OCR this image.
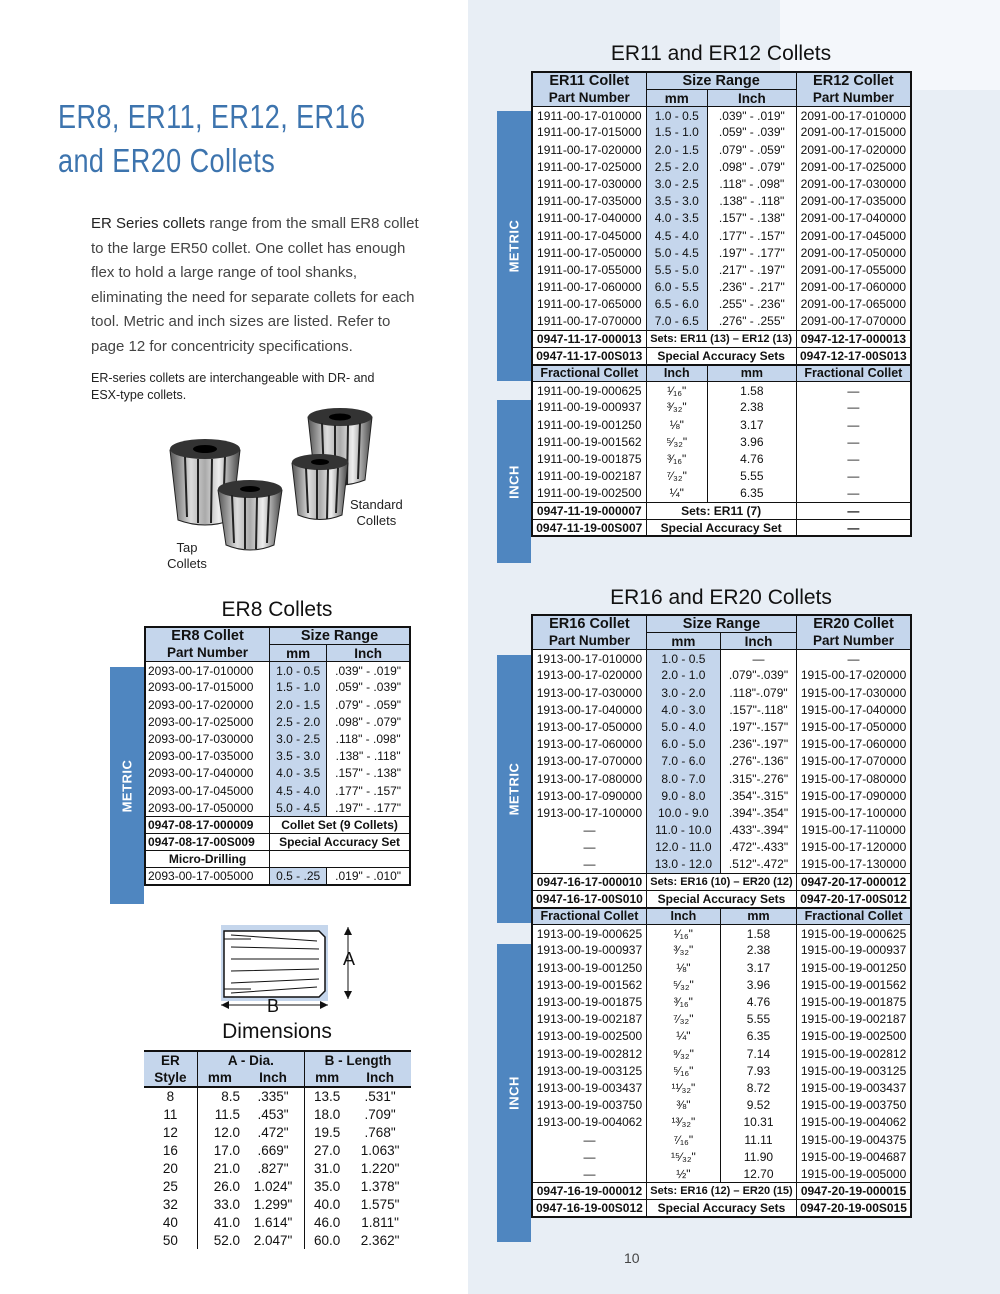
ER8, ER11, ER12, ER16
and ER20 Collets
ER Series collets range from the small ER8 collet to the large ER50 collet. One collet has enough flex to hold a large range of tool shanks, eliminating the need for separate collets for each tool. Metric and inch sizes are listed. Refer to page 12 for concentricity specifications.
ER-series collets are interchangeable with DR- and ESX-type collets.
Standard
Collets
Tap
Collets
ER8 Collets
METRIC
ER8 Collet	Size Range	
Part Number	mm	Inch
2093-00-17-010000	1.0 - 0.5	.039" - .019"
2093-00-17-015000	1.5 - 1.0	.059" - .039"
2093-00-17-020000	2.0 - 1.5	.079" - .059"
2093-00-17-025000	2.5 - 2.0	.098" - .079"
2093-00-17-030000	3.0 - 2.5	.118" - .098"
2093-00-17-035000	3.5 - 3.0	.138" - .118"
2093-00-17-040000	4.0 - 3.5	.157" - .138"
2093-00-17-045000	4.5 - 4.0	.177" - .157"
2093-00-17-050000	5.0 - 4.5	.197" - .177"
0947-08-17-000009	Collet Set (9 Collets)	
0947-08-17-00S009	Special Accuracy Set	
Micro-Drilling		
2093-00-17-005000	0.5 - .25	.019" - .010"
A
B
Dimensions
ER	A - Dia.		B - Length	
Style	mm	Inch	mm	Inch
8	8.5	.335"	13.5	.531"
11	11.5	.453"	18.0	.709"
12	12.0	.472"	19.5	.768"
16	17.0	.669"	27.0	1.063"
20	21.0	.827"	31.0	1.220"
25	26.0	1.024"	35.0	1.378"
32	33.0	1.299"	40.0	1.575"
40	41.0	1.614"	46.0	1.811"
50	52.0	2.047"	60.0	2.362"
ER11 and ER12 Collets
METRIC
INCH
ER11 Collet	Size Range		ER12 Collet
Part Number	mm	Inch	Part Number
1911-00-17-010000	1.0 - 0.5	.039" - .019"	2091-00-17-010000
1911-00-17-015000	1.5 - 1.0	.059" - .039"	2091-00-17-015000
1911-00-17-020000	2.0 - 1.5	.079" - .059"	2091-00-17-020000
1911-00-17-025000	2.5 - 2.0	.098" - .079"	2091-00-17-025000
1911-00-17-030000	3.0 - 2.5	.118" - .098"	2091-00-17-030000
1911-00-17-035000	3.5 - 3.0	.138" - .118"	2091-00-17-035000
1911-00-17-040000	4.0 - 3.5	.157" - .138"	2091-00-17-040000
1911-00-17-045000	4.5 - 4.0	.177" - .157"	2091-00-17-045000
1911-00-17-050000	5.0 - 4.5	.197" - .177"	2091-00-17-050000
1911-00-17-055000	5.5 - 5.0	.217" - .197"	2091-00-17-055000
1911-00-17-060000	6.0 - 5.5	.236" - .217"	2091-00-17-060000
1911-00-17-065000	6.5 - 6.0	.255" - .236"	2091-00-17-065000
1911-00-17-070000	7.0 - 6.5	.276" - .255"	2091-00-17-070000
0947-11-17-000013	Sets: ER11 (13) – ER12 (13)		0947-12-17-000013
0947-11-17-00S013	Special Accuracy Sets		0947-12-17-00S013
Fractional Collet	Inch	mm	Fractional Collet
1911-00-19-000625	¹⁄₁₆"	1.58	—
1911-00-19-000937	³⁄₃₂"	2.38	—
1911-00-19-001250	⅛"	3.17	—
1911-00-19-001562	⁵⁄₃₂"	3.96	—
1911-00-19-001875	³⁄₁₆"	4.76	—
1911-00-19-002187	⁷⁄₃₂"	5.55	—
1911-00-19-002500	¼"	6.35	—
0947-11-19-000007	Sets: ER11 (7)		—
0947-11-19-00S007	Special Accuracy Set		—
ER16 and ER20 Collets
METRIC
INCH
ER16 Collet	Size Range		ER20 Collet
Part Number	mm	Inch	Part Number
1913-00-17-010000	1.0 - 0.5	—	—
1913-00-17-020000	2.0 - 1.0	.079"-.039"	1915-00-17-020000
1913-00-17-030000	3.0 - 2.0	.118"-.079"	1915-00-17-030000
1913-00-17-040000	4.0 - 3.0	.157"-.118"	1915-00-17-040000
1913-00-17-050000	5.0 - 4.0	.197"-.157"	1915-00-17-050000
1913-00-17-060000	6.0 - 5.0	.236"-.197"	1915-00-17-060000
1913-00-17-070000	7.0 - 6.0	.276"-.136"	1915-00-17-070000
1913-00-17-080000	8.0 - 7.0	.315"-.276"	1915-00-17-080000
1913-00-17-090000	9.0 - 8.0	.354"-.315"	1915-00-17-090000
1913-00-17-100000	10.0 - 9.0	.394"-.354"	1915-00-17-100000
—	11.0 - 10.0	.433"-.394"	1915-00-17-110000
—	12.0 - 11.0	.472"-.433"	1915-00-17-120000
—	13.0 - 12.0	.512"-.472"	1915-00-17-130000
0947-16-17-000010	Sets: ER16 (10) – ER20 (12)		0947-20-17-000012
0947-16-17-00S010	Special Accuracy Sets		0947-20-17-00S012
Fractional Collet	Inch	mm	Fractional Collet
1913-00-19-000625	¹⁄₁₆"	1.58	1915-00-19-000625
1913-00-19-000937	³⁄₃₂"	2.38	1915-00-19-000937
1913-00-19-001250	⅛"	3.17	1915-00-19-001250
1913-00-19-001562	⁵⁄₃₂"	3.96	1915-00-19-001562
1913-00-19-001875	³⁄₁₆"	4.76	1915-00-19-001875
1913-00-19-002187	⁷⁄₃₂"	5.55	1915-00-19-002187
1913-00-19-002500	¼"	6.35	1915-00-19-002500
1913-00-19-002812	⁹⁄₃₂"	7.14	1915-00-19-002812
1913-00-19-003125	⁵⁄₁₆"	7.93	1915-00-19-003125
1913-00-19-003437	¹¹⁄₃₂"	8.72	1915-00-19-003437
1913-00-19-003750	⅜"	9.52	1915-00-19-003750
1913-00-19-004062	¹³⁄₃₂"	10.31	1915-00-19-004062
—	⁷⁄₁₆"	11.11	1915-00-19-004375
—	¹⁵⁄₃₂"	11.90	1915-00-19-004687
—	½"	12.70	1915-00-19-005000
0947-16-19-000012	Sets: ER16 (12) – ER20 (15)		0947-20-19-000015
0947-16-19-00S012	Special Accuracy Sets		0947-20-19-00S015
10
